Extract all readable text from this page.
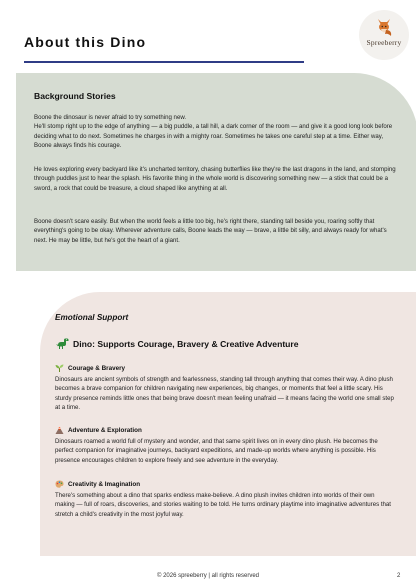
About this Dino	Spreeberry
Background Stories
Boone the dinosaur is never afraid to try something new.
He'll stomp right up to the edge of anything — a big puddle, a tall hill, a dark corner of the room — and give it a good long look before deciding what to do next. Sometimes he charges in with a mighty roar. Sometimes he takes one careful step at a time. Either way, Boone always finds his courage.
He loves exploring every backyard like it's uncharted territory, chasing butterflies like they're the last dragons in the land, and stomping through puddles just to hear the splash. His favorite thing in the whole world is discovering something new — a stick that could be a sword, a rock that could be treasure, a cloud shaped like anything at all.
Boone doesn't scare easily. But when the world feels a little too big, he's right there, standing tall beside you, roaring softly that everything's going to be okay. Wherever adventure calls, Boone leads the way — brave, a little bit silly, and always ready for what's next. He may be little, but he's got the heart of a giant.
Emotional Support
Dino: Supports Courage, Bravery & Creative Adventure
Courage & Bravery
Dinosaurs are ancient symbols of strength and fearlessness, standing tall through anything that comes their way. A dino plush becomes a brave companion for children navigating new experiences, big changes, or moments that feel a little scary. His sturdy presence reminds little ones that being brave doesn't mean feeling unafraid — it means facing the world one small step at a time.
Adventure & Exploration
Dinosaurs roamed a world full of mystery and wonder, and that same spirit lives on in every dino plush. He becomes the perfect companion for imaginative journeys, backyard expeditions, and made-up worlds where anything is possible. His presence encourages children to explore freely and see adventure in the everyday.
Creativity & Imagination
There's something about a dino that sparks endless make-believe. A dino plush invites children into worlds of their own making — full of roars, discoveries, and stories waiting to be told. He turns ordinary playtime into imaginative adventures that stretch a child's creativity in the most joyful way.
© 2026 spreeberry | all rights reserved	2
